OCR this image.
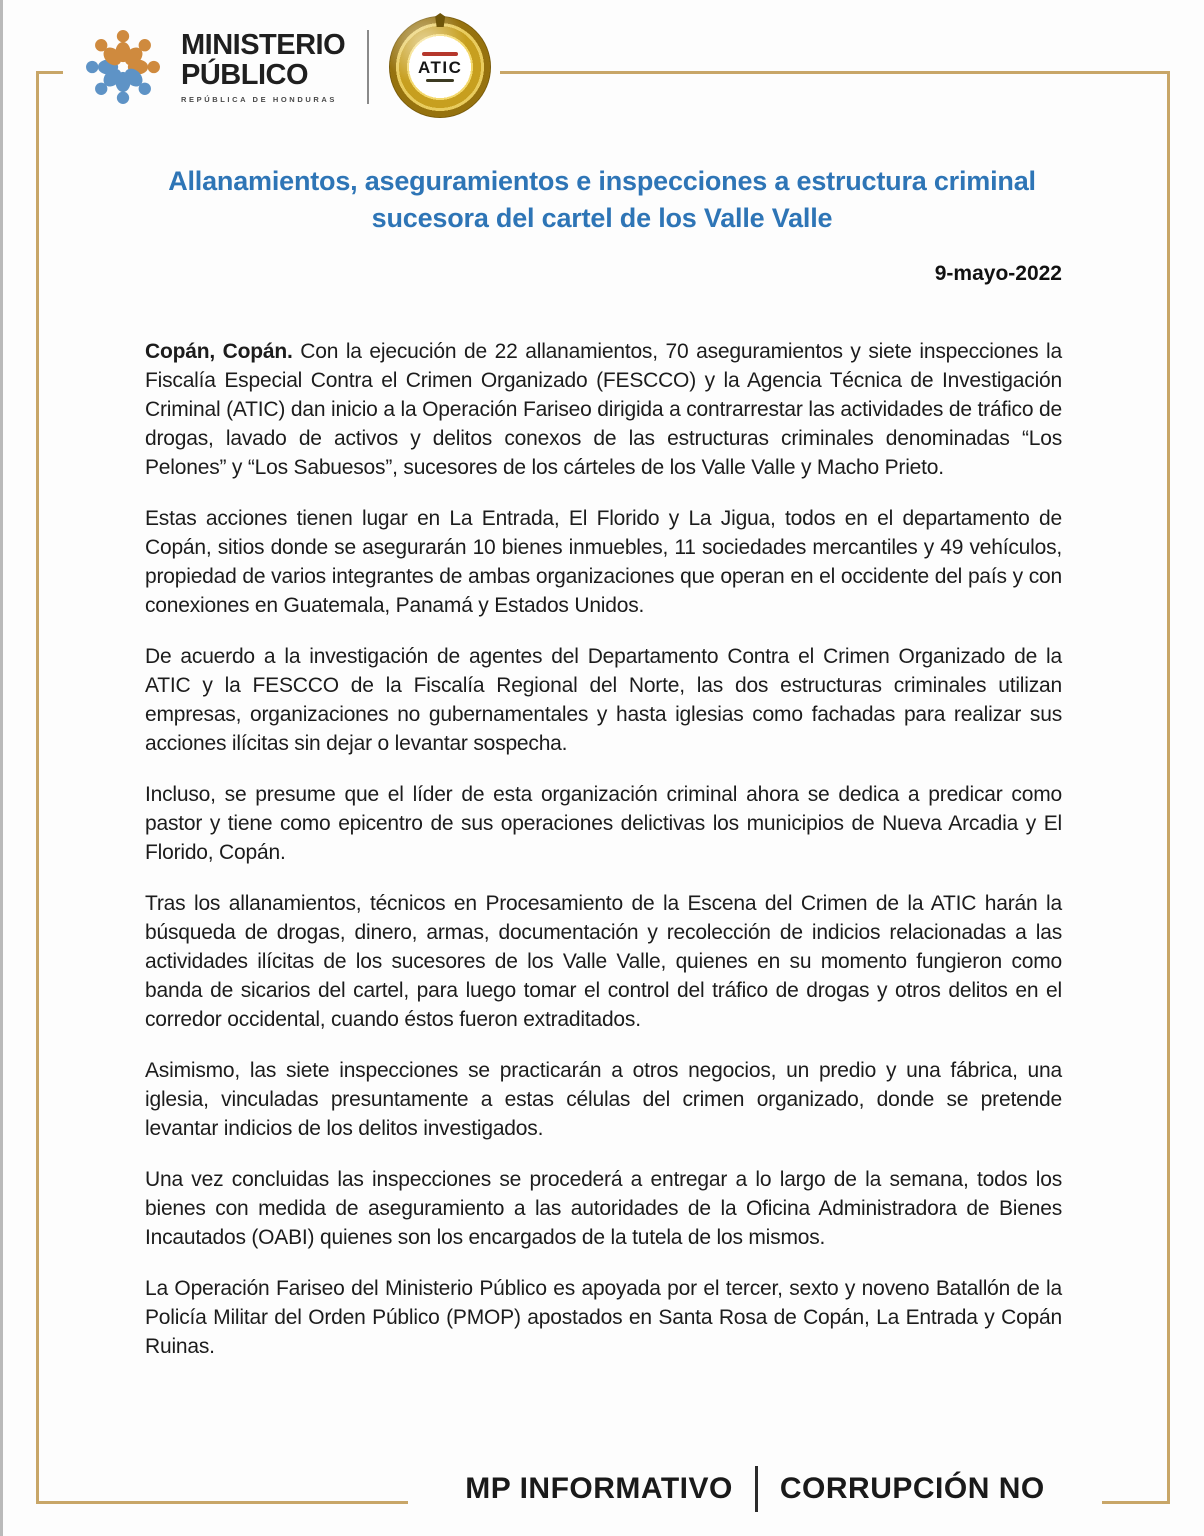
MINISTERIO
PÚBLICO
REPÚBLICA DE HONDURAS
ATIC
Allanamientos, aseguramientos e inspecciones a estructura criminal
sucesora del cartel de los Valle Valle
9-mayo-2022

Copán, Copán. Con la ejecución de 22 allanamientos, 70 aseguramientos y siete inspecciones la Fiscalía Especial Contra el Crimen Organizado (FESCCO) y la Agencia Técnica de Investigación Criminal (ATIC) dan inicio a la Operación Fariseo dirigida a contrarrestar las actividades de tráfico de drogas, lavado de activos y delitos conexos de las estructuras criminales denominadas “Los Pelones” y “Los Sabuesos”, sucesores de los cárteles de los Valle Valle y Macho Prieto.

Estas acciones tienen lugar en La Entrada, El Florido y La Jigua, todos en el departamento de Copán, sitios donde se asegurarán 10 bienes inmuebles, 11 sociedades mercantiles y 49 vehículos, propiedad de varios integrantes de ambas organizaciones que operan en el occidente del país y con conexiones en Guatemala, Panamá y Estados Unidos.

De acuerdo a la investigación de agentes del Departamento Contra el Crimen Organizado de la ATIC y la FESCCO de la Fiscalía Regional del Norte, las dos estructuras criminales utilizan empresas, organizaciones no gubernamentales y hasta iglesias como fachadas para realizar sus acciones ilícitas sin dejar o levantar sospecha.

Incluso, se presume que el líder de esta organización criminal ahora se dedica a predicar como pastor y tiene como epicentro de sus operaciones delictivas los municipios de Nueva Arcadia y El Florido, Copán.

Tras los allanamientos, técnicos en Procesamiento de la Escena del Crimen de la ATIC harán la búsqueda de drogas, dinero, armas, documentación y recolección de indicios relacionadas a las actividades ilícitas de los sucesores de los Valle Valle, quienes en su momento fungieron como banda de sicarios del cartel, para luego tomar el control del tráfico de drogas y otros delitos en el corredor occidental, cuando éstos fueron extraditados.

Asimismo, las siete inspecciones se practicarán a otros negocios, un predio y una fábrica, una iglesia, vinculadas presuntamente a estas células del crimen organizado, donde se pretende levantar indicios de los delitos investigados.

Una vez concluidas las inspecciones se procederá a entregar a lo largo de la semana, todos los bienes con medida de aseguramiento a las autoridades de la Oficina Administradora de Bienes Incautados (OABI) quienes son los encargados de la tutela de los mismos.

La Operación Fariseo del Ministerio Público es apoyada por el tercer, sexto y noveno Batallón de la Policía Militar del Orden Público (PMOP) apostados en Santa Rosa de Copán, La Entrada y Copán Ruinas.

MP INFORMATIVO CORRUPCIÓN NO
